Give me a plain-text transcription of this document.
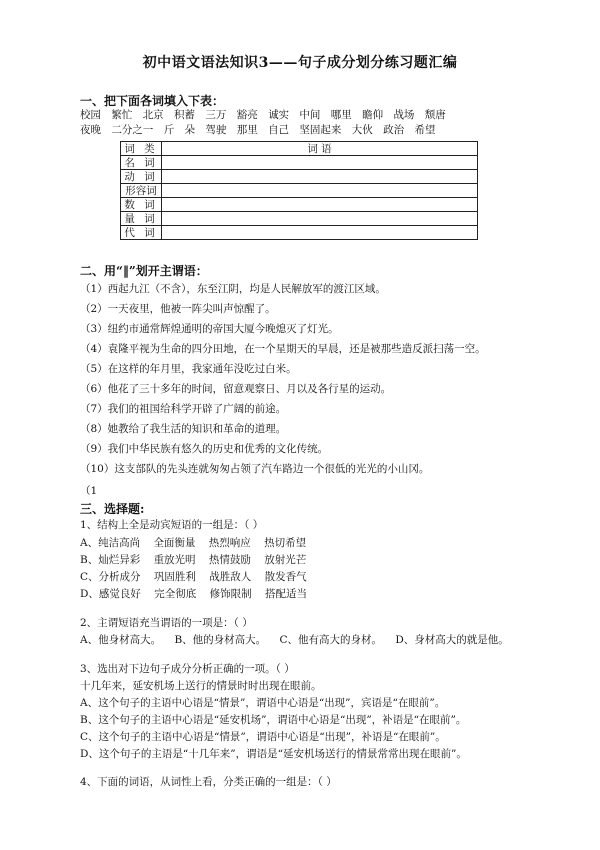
初中语文语法知识3——句子成分划分练习题汇编
一、把下面各词填入下表：
校园 繁忙 北京 积蓄 三万 豁亮 诚实 中间 哪里 瞻仰 战场 颓唐
夜晚 二分之一 斤 朵 驾驶 那里 自己 坚固起来 大伙 政治 希望
词 类	词 语
名 词	
动 词	
形容词	
数 词	
量 词	
代 词	
二、用“‖”划开主谓语：
（1）西起九江（不含），东至江阴，均是人民解放军的渡江区域。
（2）一天夜里，他被一阵尖叫声惊醒了。
（3）纽约市通常辉煌通明的帝国大厦今晚熄灭了灯光。
（4）袁隆平视为生命的四分田地，在一个星期天的早晨，还是被那些造反派扫荡一空。
（5）在这样的年月里，我家通年没吃过白米。
（6）他花了三十多年的时间，留意观察日、月以及各行星的运动。
（7）我们的祖国给科学开辟了广阔的前途。
（8）她教给了我生活的知识和革命的道理。
（9）我们中华民族有悠久的历史和优秀的文化传统。
（10）这支部队的先头连就匆匆占领了汽车路边一个很低的光光的小山冈。
（1
三、选择题:
1、结构上全是动宾短语的一组是：（ ）
A、纯洁高尚 全面衡量 热烈响应 热切希望
B、灿烂异彩 重放光明 热情鼓励 放射光芒
C、分析成分 巩固胜利 战胜敌人 散发香气
D、感觉良好 完全彻底 修饰限制 搭配适当
2、主谓短语充当谓语的一项是：（ ）
A、他身材高大。 B、他的身材高大。 C、他有高大的身材。 D、身材高大的就是他。
3、选出对下边句子成分分析正确的一项。（ ）
十几年来，延安机场上送行的情景时时出现在眼前。
A、这个句子的主语中心语是“情景”，谓语中心语是“出现”，宾语是“在眼前”。
B、这个句子的主语中心语是“延安机场”，谓语中心语是“出现”，补语是“在眼前”。
C、这个句子的主语中心语是“情景”，谓语中心语是“出现”，补语是“在眼前”。
D、这个句子的主语是“十几年来”，谓语是“延安机场送行的情景常常出现在眼前”。
4、下面的词语，从词性上看，分类正确的一组是：（ ）
